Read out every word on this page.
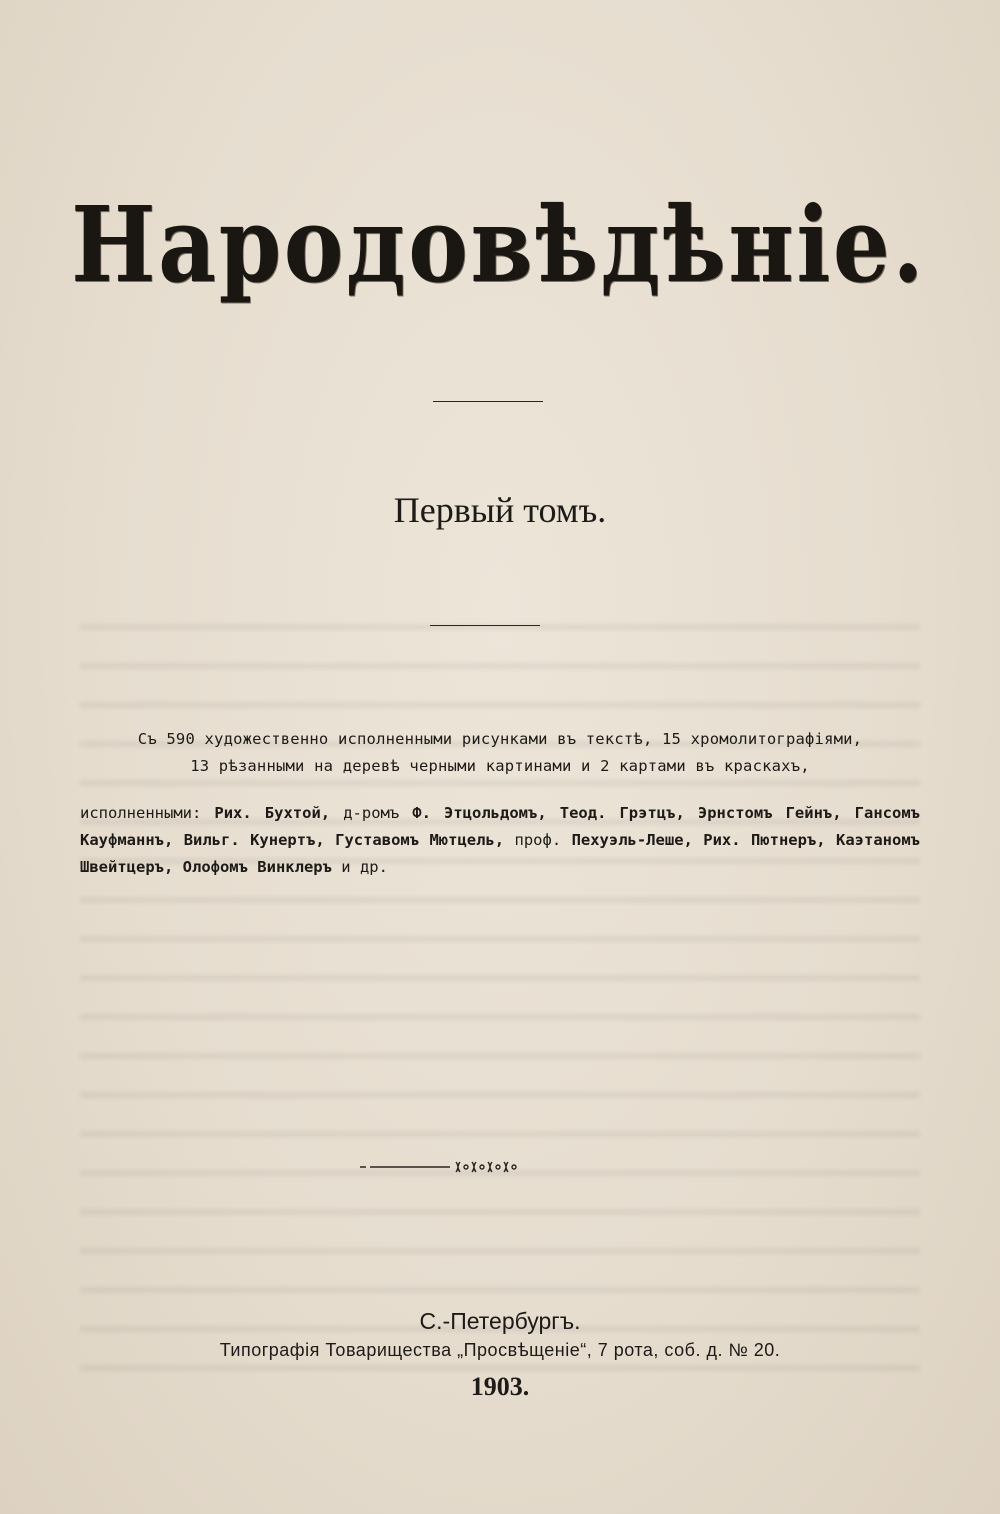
Народовѣдѣніе.
Первый томъ.
Съ 590 художественно исполненными рисунками въ текстѣ, 15 хромолитографіями,
13 рѣзанными на деревѣ черными картинами и 2 картами въ краскахъ,
исполненными: Рих. Бухтой, д-ромъ Ф. Этцольдомъ, Теод. Грэтцъ, Эрнстомъ Гейнъ, Гансомъ Кауфманнъ, Вильг. Кунертъ, Густавомъ Мютцель, проф. Пехуэль-Леше, Рих. Пютнеръ, Каэтаномъ Швейтцеръ, Олофомъ Винклеръ и др.
С.-Петербургъ.
Типографія Товарищества „Просвѣщеніе“, 7 рота, соб. д. № 20.
1903.
